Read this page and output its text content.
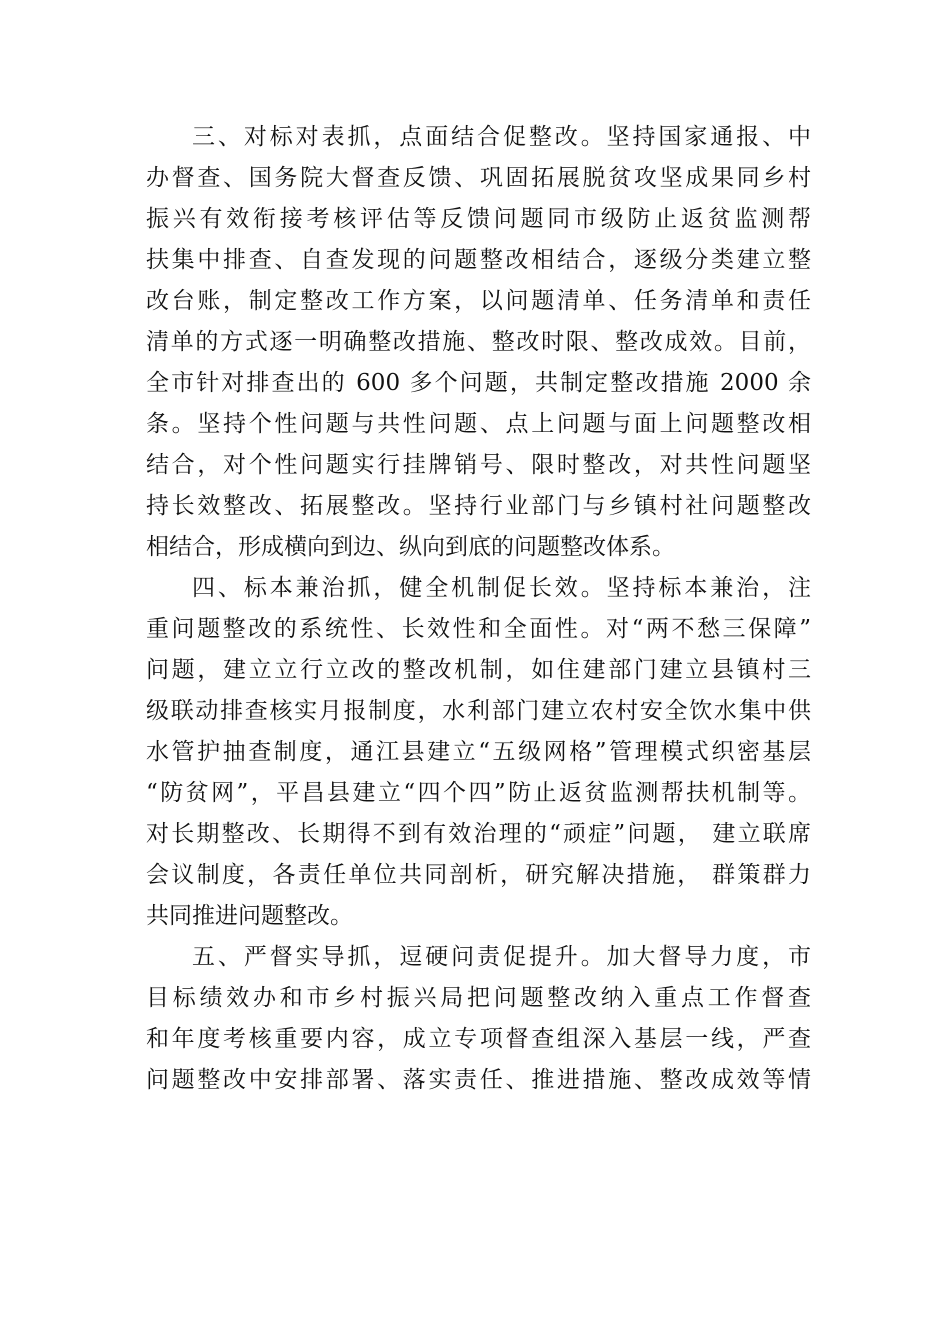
三、对标对表抓，点面结合促整改。坚持国家通报、中
办督查、国务院大督查反馈、巩固拓展脱贫攻坚成果同乡村
振兴有效衔接考核评估等反馈问题同市级防止返贫监测帮
扶集中排查、自查发现的问题整改相结合，逐级分类建立整
改台账，制定整改工作方案，以问题清单、任务清单和责任
清单的方式逐一明确整改措施、整改时限、整改成效。目前，
全市针对排查出的 600 多个问题，共制定整改措施 2000 余
条。坚持个性问题与共性问题、点上问题与面上问题整改相
结合，对个性问题实行挂牌销号、限时整改，对共性问题坚
持长效整改、拓展整改。坚持行业部门与乡镇村社问题整改
相结合，形成横向到边、纵向到底的问题整改体系。
四、标本兼治抓，健全机制促长效。坚持标本兼治，注
重问题整改的系统性、长效性和全面性。对“两不愁三保障”
问题，建立立行立改的整改机制，如住建部门建立县镇村三
级联动排查核实月报制度，水利部门建立农村安全饮水集中供
水管护抽查制度，通江县建立“五级网格”管理模式织密基层
“防贫网”，平昌县建立“四个四”防止返贫监测帮扶机制等。
对长期整改、长期得不到有效治理的“顽症”问题， 建立联席
会议制度，各责任单位共同剖析，研究解决措施， 群策群力
共同推进问题整改。
五、严督实导抓，逗硬问责促提升。加大督导力度，市
目标绩效办和市乡村振兴局把问题整改纳入重点工作督查
和年度考核重要内容，成立专项督查组深入基层一线，严查
问题整改中安排部署、落实责任、推进措施、整改成效等情
